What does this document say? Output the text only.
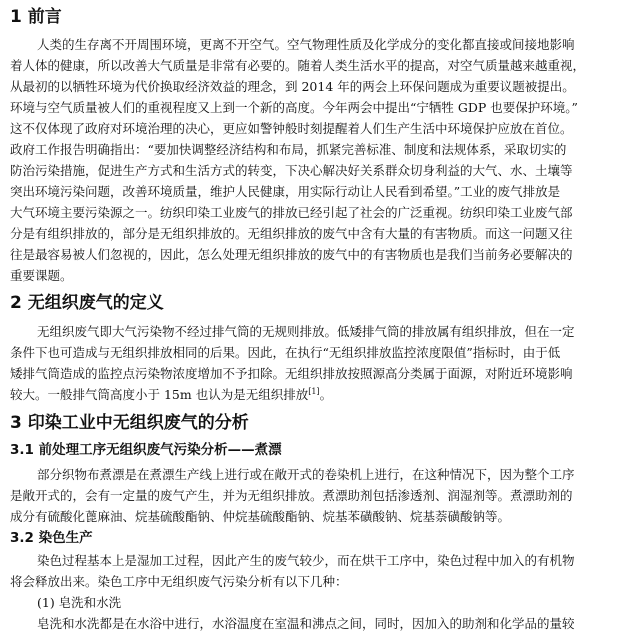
1 前言
人类的生存离不开周围环境，更离不开空气。空气物理性质及化学成分的变化都直接或间接地影响
着人体的健康，所以改善大气质量是非常有必要的。随着人类生活水平的提高，对空气质量越来越重视，
从最初的以牺牲环境为代价换取经济效益的理念，到 2014 年的两会上环保问题成为重要议题被提出。
环境与空气质量被人们的重视程度又上到一个新的高度。今年两会中提出“宁牺牲 GDP 也要保护环境。”
这不仅体现了政府对环境治理的决心，更应如警钟般时刻提醒着人们生产生活中环境保护应放在首位。
政府工作报告明确指出：“要加快调整经济结构和布局，抓紧完善标准、制度和法规体系，采取切实的
防治污染措施，促进生产方式和生活方式的转变，下决心解决好关系群众切身利益的大气、水、土壤等
突出环境污染问题，改善环境质量，维护人民健康，用实际行动让人民看到希望。”工业的废气排放是
大气环境主要污染源之一。纺织印染工业废气的排放已经引起了社会的广泛重视。纺织印染工业废气部
分是有组织排放的，部分是无组织排放的。无组织排放的废气中含有大量的有害物质。而这一问题又往
往是最容易被人们忽视的，因此，怎么处理无组织排放的废气中的有害物质也是我们当前务必要解决的
重要课题。
2 无组织废气的定义
无组织废气即大气污染物不经过排气筒的无规则排放。低矮排气筒的排放属有组织排放，但在一定
条件下也可造成与无组织排放相同的后果。因此，在执行“无组织排放监控浓度限值”指标时，由于低
矮排气筒造成的监控点污染物浓度增加不予扣除。无组织排放按照源高分类属于面源，对附近环境影响
较大。一般排气筒高度小于 15m 也认为是无组织排放[1]。
3 印染工业中无组织废气的分析
3.1 前处理工序无组织废气污染分析——煮漂
部分织物布煮漂是在煮漂生产线上进行或在敞开式的卷染机上进行，在这种情况下，因为整个工序
是敞开式的，会有一定量的废气产生，并为无组织排放。煮漂助剂包括渗透剂、润湿剂等。煮漂助剂的
成分有硫酸化蓖麻油、烷基硫酸酯钠、仲烷基硫酸酯钠、烷基苯磺酸钠、烷基萘磺酸钠等。
3.2 染色生产
染色过程基本上是湿加工过程，因此产生的废气较少，而在烘干工序中，染色过程中加入的有机物
将会释放出来。染色工序中无组织废气污染分析有以下几种：
(1) 皂洗和水洗
皂洗和水洗都是在水浴中进行，水浴温度在室温和沸点之间，同时，因加入的助剂和化学品的量较
